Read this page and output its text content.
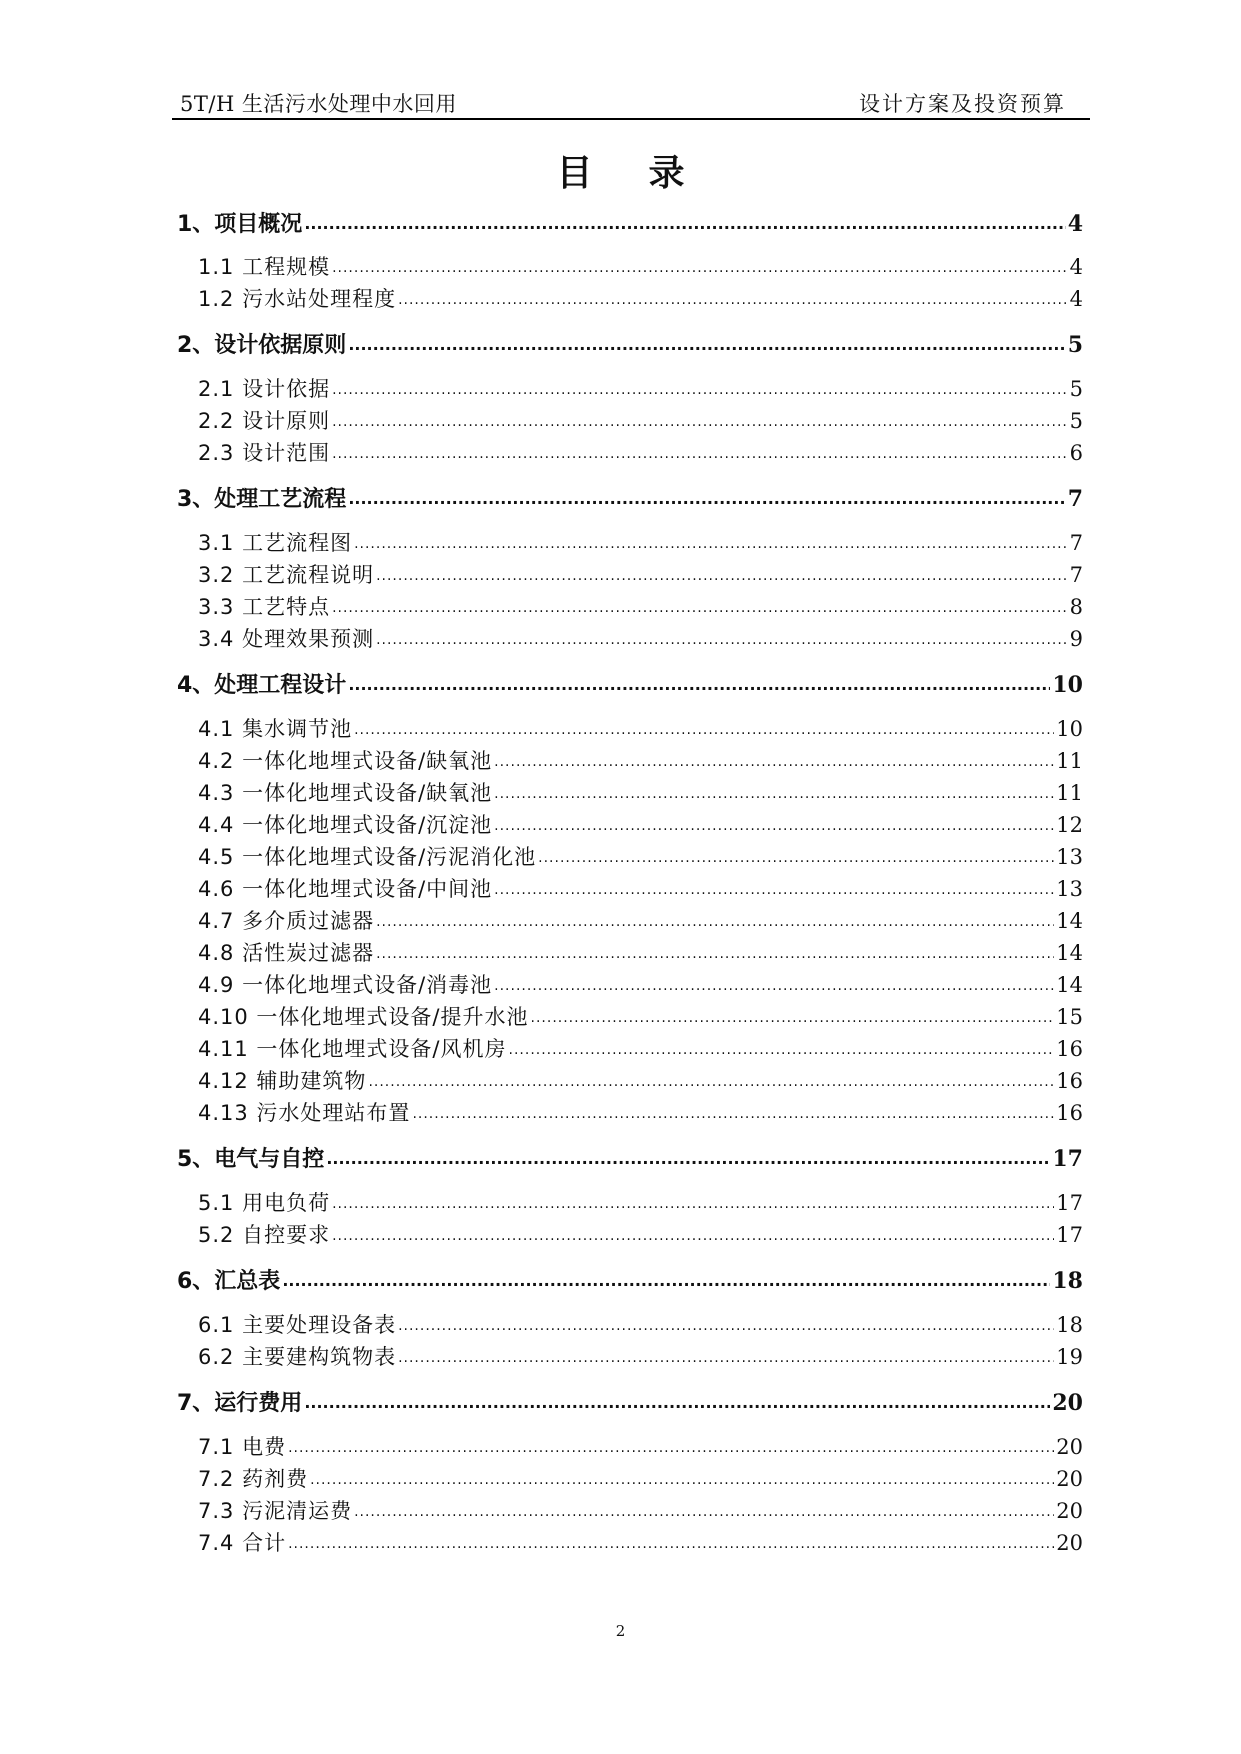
5T/H 生活污水处理中水回用	设计方案及投资预算
目录
1、项目概况 .....	4
1.1 工程规模 .....	4
1.2 污水站处理程度 .....	4
2、设计依据原则 .....	5
2.1 设计依据 .....	5
2.2 设计原则 .....	5
2.3 设计范围 .....	6
3、处理工艺流程 .....	7
3.1 工艺流程图 .....	7
3.2 工艺流程说明 .....	7
3.3 工艺特点 .....	8
3.4 处理效果预测 .....	9
4、处理工程设计 .....	10
4.1 集水调节池 .....	10
4.2 一体化地埋式设备/缺氧池 .....	11
4.3 一体化地埋式设备/缺氧池 .....	11
4.4 一体化地埋式设备/沉淀池 .....	12
4.5 一体化地埋式设备/污泥消化池 .....	13
4.6 一体化地埋式设备/中间池 .....	13
4.7 多介质过滤器 .....	14
4.8 活性炭过滤器 .....	14
4.9 一体化地埋式设备/消毒池 .....	14
4.10 一体化地埋式设备/提升水池 .....	15
4.11 一体化地埋式设备/风机房 .....	16
4.12 辅助建筑物 .....	16
4.13 污水处理站布置 .....	16
5、电气与自控 .....	17
5.1 用电负荷 .....	17
5.2 自控要求 .....	17
6、汇总表 .....	18
6.1 主要处理设备表 .....	18
6.2 主要建构筑物表 .....	19
7、运行费用 .....	20
7.1 电费 .....	20
7.2 药剂费 .....	20
7.3 污泥清运费 .....	20
7.4 合计 .....	20
2
